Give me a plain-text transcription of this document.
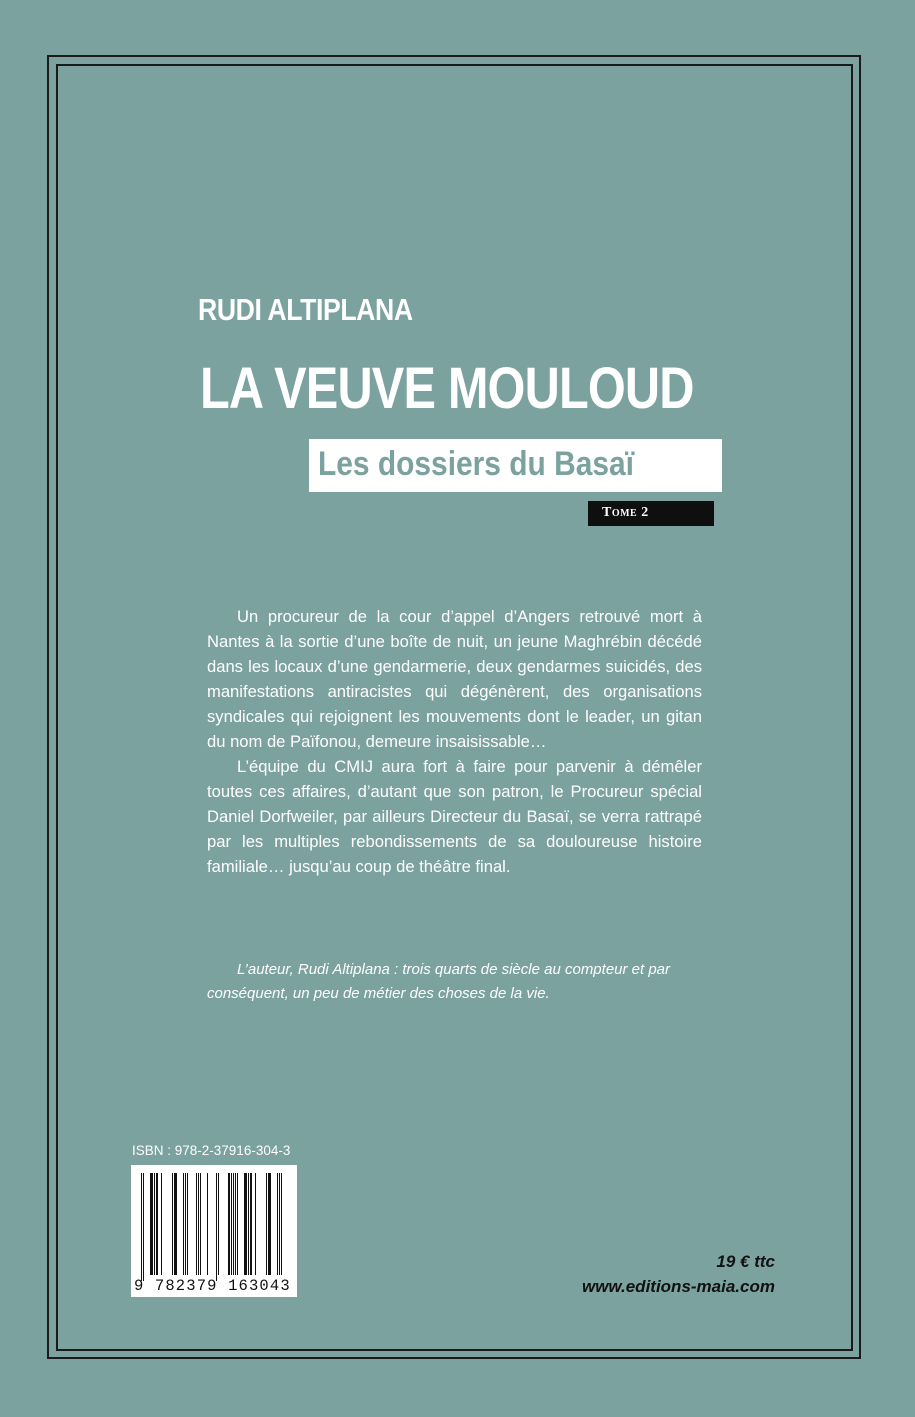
RUDI ALTIPLANA
LA VEUVE MOULOUD
Les dossiers du Basaï
Tome 2

Un procureur de la cour d’appel d’Angers retrouvé mort à Nantes à la sortie d’une boîte de nuit, un jeune Maghrébin décédé dans les locaux d’une gendarmerie, deux gendarmes suicidés, des manifestations antiracistes qui dégénèrent, des organisations syndicales qui rejoignent les mouvements dont le leader, un gitan du nom de Païfonou, demeure insaisissable…

L’équipe du CMIJ aura fort à faire pour parvenir à démêler toutes ces affaires, d’autant que son patron, le Procureur spécial Daniel Dorfweiler, par ailleurs Directeur du Basaï, se verra rattrapé par les multiples rebondissements de sa douloureuse histoire familiale… jusqu’au coup de théâtre final.

L’auteur, Rudi Altiplana : trois quarts de siècle au compteur et par conséquent, un peu de métier des choses de la vie.

ISBN : 978-2-37916-304-3
9 782379 163043
19 € ttc
www.editions-maia.com
